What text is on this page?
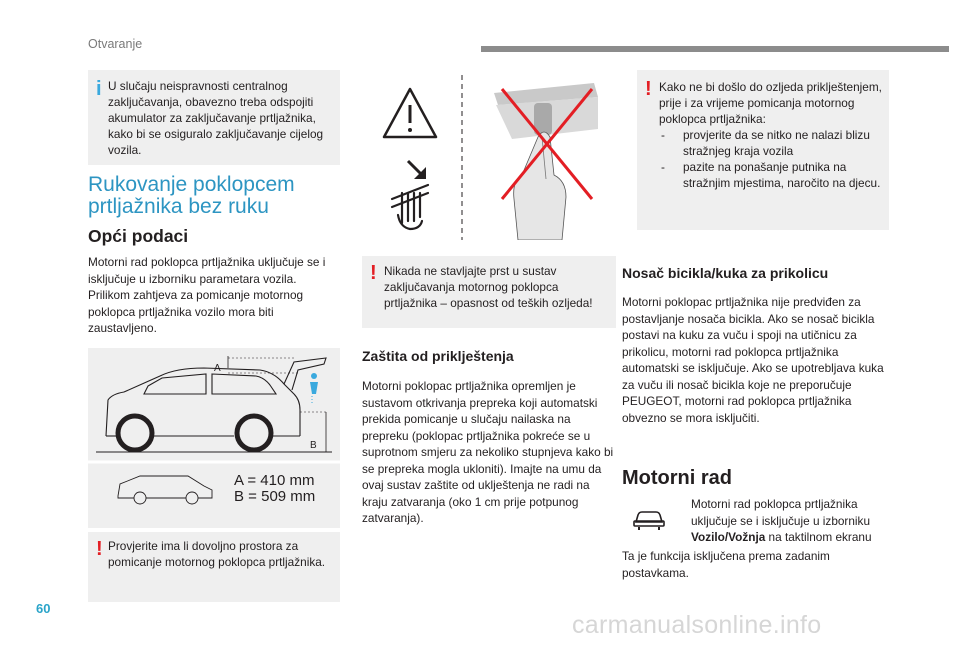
Otvaranje
i U slučaju neispravnosti centralnog zaključavanja, obavezno treba odspojiti akumulator za zaključavanje prtljažnika, kako bi se osiguralo zaključavanje cijelog vozila.

Rukovanje poklopcem
prtljažnika bez ruku
Opći podaci
Motorni rad poklopca prtljažnika uključuje se i isključuje u izborniku parametara vozila. Prilikom zahtjeva za pomicanje motornog poklopca prtljažnika vozilo mora biti zaustavljeno.
A
B
A = 410 mm
B = 509 mm
! Provjerite ima li dovoljno prostora za pomicanje motornog poklopca prtljažnika.

! Nikada ne stavljajte prst u sustav zaključavanja motornog poklopca prtljažnika – opasnost od teških ozljeda!

Zaštita od priklještenja
Motorni poklopac prtljažnika opremljen je sustavom otkrivanja prepreka koji automatski prekida pomicanje u slučaju nailaska na prepreku (poklopac prtljažnika pokreće se u suprotnom smjeru za nekoliko stupnjeva kako bi se prepreka mogla ukloniti). Imajte na umu da ovaj sustav zaštite od uklještenja ne radi na kraju zatvaranja (oko 1 cm prije potpunog zatvaranja).
! Kako ne bi došlo do ozljeda priklještenjem, prije i za vrijeme pomicanja motornog poklopca prtljažnika:

- provjerite da se nitko ne nalazi blizu stražnjeg kraja vozila
- pazite na ponašanje putnika na stražnjim mjestima, naročito na djecu.
Nosač bicikla/kuka za prikolicu
Motorni poklopac prtljažnika nije predviđen za postavljanje nosača bicikla. Ako se nosač bicikla postavi na kuku za vuču i spoji na utičnicu za prikolicu, motorni rad poklopca prtljažnika automatski se isključuje. Ako se upotrebljava kuka za vuču ili nosač bicikla koje ne preporučuje PEUGEOT, motorni rad poklopca prtljažnika obvezno se mora isključiti.
Motorni rad
Motorni rad poklopca prtljažnika uključuje se i isključuje u izborniku Vozilo/Vožnja na taktilnom ekranu
Ta je funkcija isključena prema zadanim postavkama.
60
carmanualsonline.info
